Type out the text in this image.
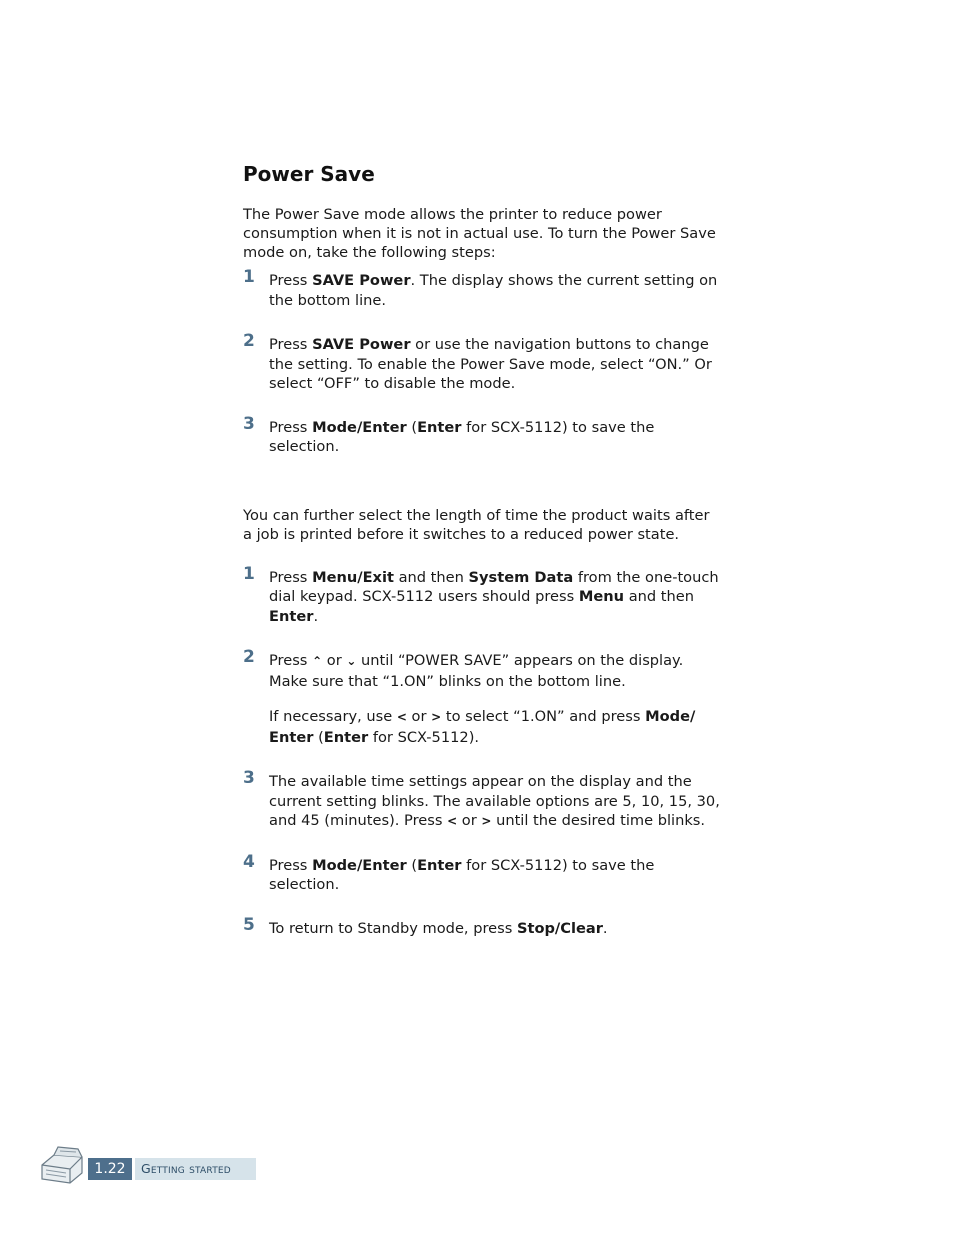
Power Save

The Power Save mode allows the printer to reduce power consumption when it is not in actual use. To turn the Power Save mode on, take the following steps:

1 Press SAVE Power. The display shows the current setting on the bottom line.

2 Press SAVE Power or use the navigation buttons to change the setting. To enable the Power Save mode, select “ON.” Or select “OFF” to disable the mode.

3 Press Mode/Enter (Enter for SCX-5112) to save the selection.

You can further select the length of time the product waits after a job is printed before it switches to a reduced power state.

1 Press Menu/Exit and then System Data from the one-touch dial keypad. SCX-5112 users should press Menu and then Enter.

2 Press ⌃ or ⌄ until “POWER SAVE” appears on the display. Make sure that “1.ON” blinks on the bottom line.

If necessary, use < or > to select “1.ON” and press Mode/ Enter (Enter for SCX-5112).

3 The available time settings appear on the display and the current setting blinks. The available options are 5, 10, 15, 30, and 45 (minutes). Press < or > until the desired time blinks.

4 Press Mode/Enter (Enter for SCX-5112) to save the selection.

5 To return to Standby mode, press Stop/Clear.

1.22	Getting started
